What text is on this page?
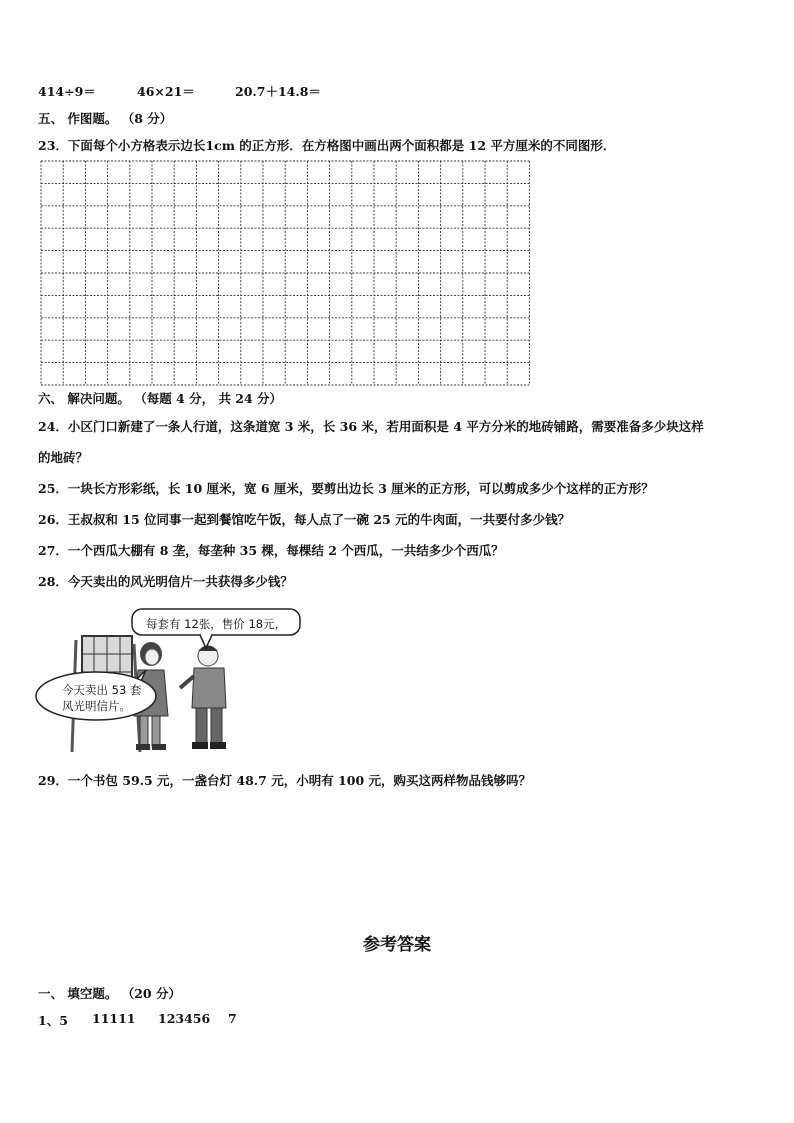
414÷9＝	46×21＝	20.7＋14.8＝
五、 作图题。 （8 分）
23．下面每个小方格表示边长1cm 的正方形．在方格图中画出两个面积都是 12 平方厘米的不同图形．
六、 解决问题。 （每题 4 分， 共 24 分）
24．小区门口新建了一条人行道，这条道宽 3 米，长 36 米，若用面积是 4 平方分米的地砖铺路，需要准备多少块这样
的地砖？
25．一块长方形彩纸，长 10 厘米，宽 6 厘米，要剪出边长 3 厘米的正方形，可以剪成多少个这样的正方形？
26．王叔叔和 15 位同事一起到餐馆吃午饭，每人点了一碗 25 元的牛肉面，一共要付多少钱？
27．一个西瓜大棚有 8 垄，每垄种 35 棵，每棵结 2 个西瓜，一共结多少个西瓜？
28．今天卖出的风光明信片一共获得多少钱？
每套有 12张，售价 18元，
今天卖出 53 套
风光明信片。
29．一个书包 59.5 元，一盏台灯 48.7 元，小明有 100 元，购买这两样物品钱够吗？
参考答案
一、 填空题。 （20 分）
1、5 11111 123456 7
